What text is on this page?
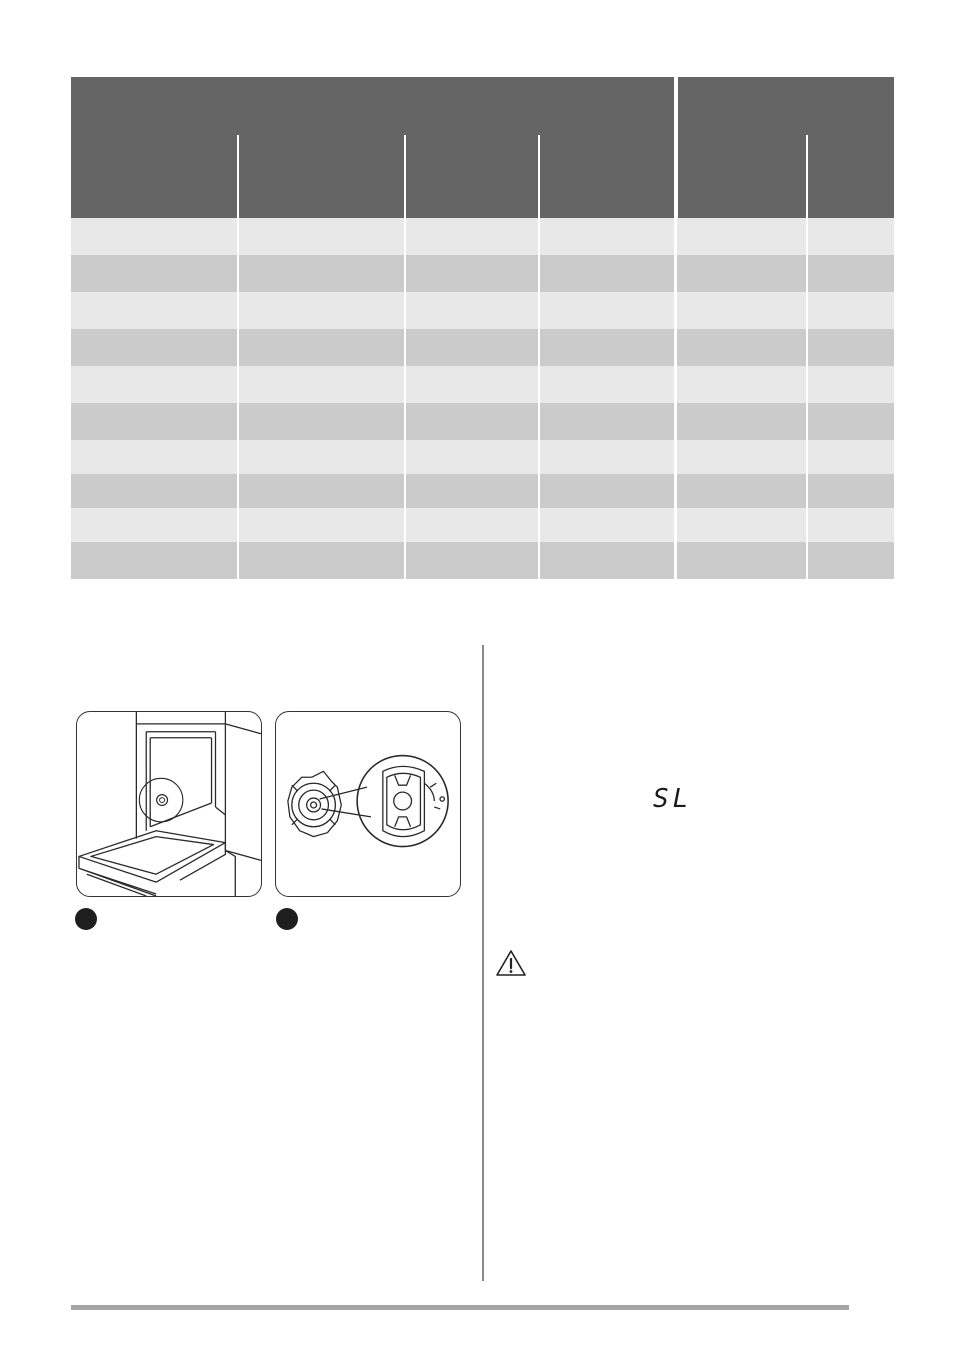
SL
